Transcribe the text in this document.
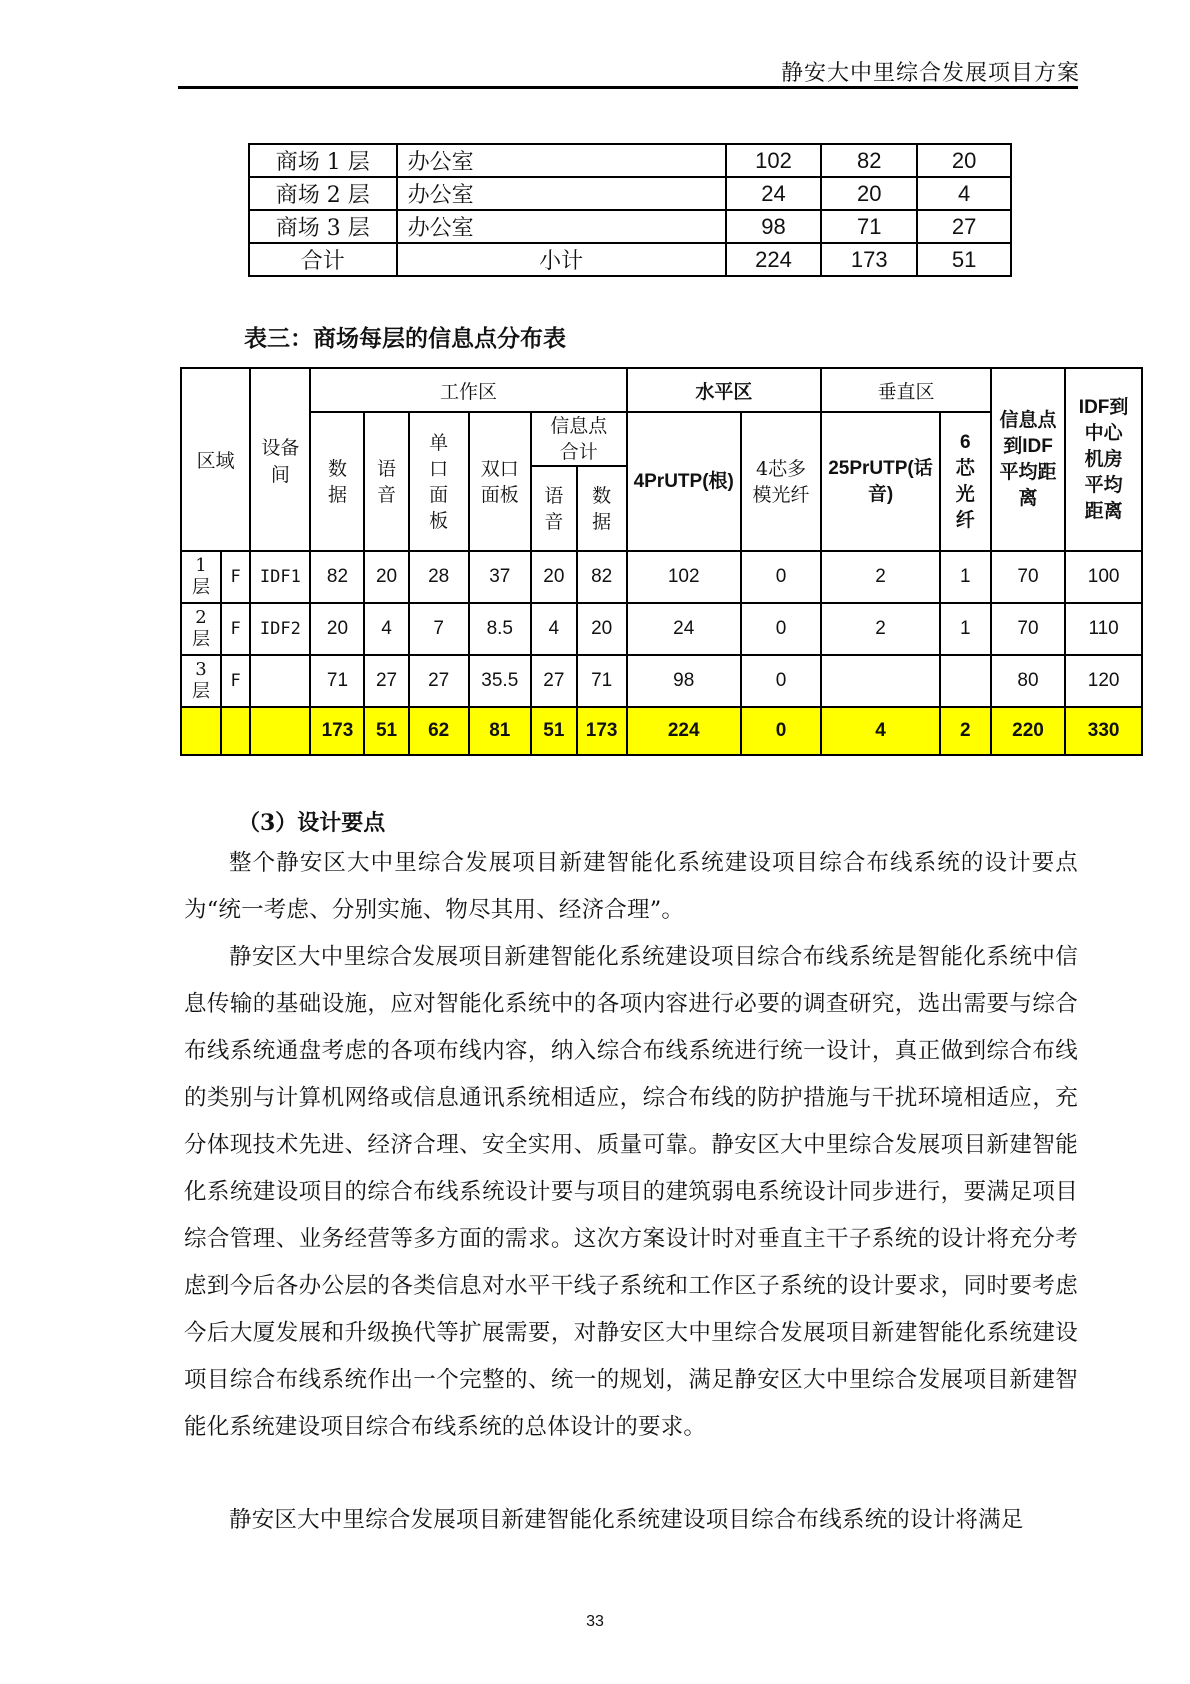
静安大中里综合发展项目方案
商场 1 层	办公室	102	82	20
商场 2 层	办公室	24	20	4
商场 3 层	办公室	98	71	27
合计	小计	224	173	51
表三：商场每层的信息点分布表
区域		设备间	工作区						水平区		垂直区		信息点到IDF平均距离	IDF到中心机房平均距离
			数据	语音	单口面板	双口面板	信息点合计		4PrUTP(根)	4芯多模光纤	25PrUTP(话音)	6芯光纤		
							语音	数据						
1层	F	IDF1	82	20	28	37	20	82	102	0	2	1	70	100
2层	F	IDF2	20	4	7	8.5	4	20	24	0	2	1	70	110
3层	F		71	27	27	35.5	27	71	98	0			80	120
			173	51	62	81	51	173	224	0	4	2	220	330
（3）设计要点
整个静安区大中里综合发展项目新建智能化系统建设项目综合布线系统的设计要点为“统一考虑、分别实施、物尽其用、经济合理”。
静安区大中里综合发展项目新建智能化系统建设项目综合布线系统是智能化系统中信息传输的基础设施，应对智能化系统中的各项内容进行必要的调查研究，选出需要与综合布线系统通盘考虑的各项布线内容，纳入综合布线系统进行统一设计，真正做到综合布线的类别与计算机网络或信息通讯系统相适应，综合布线的防护措施与干扰环境相适应，充分体现技术先进、经济合理、安全实用、质量可靠。静安区大中里综合发展项目新建智能化系统建设项目的综合布线系统设计要与项目的建筑弱电系统设计同步进行，要满足项目综合管理、业务经营等多方面的需求。这次方案设计时对垂直主干子系统的设计将充分考虑到今后各办公层的各类信息对水平干线子系统和工作区子系统的设计要求，同时要考虑今后大厦发展和升级换代等扩展需要，对静安区大中里综合发展项目新建智能化系统建设项目综合布线系统作出一个完整的、统一的规划，满足静安区大中里综合发展项目新建智能化系统建设项目综合布线系统的总体设计的要求。
静安区大中里综合发展项目新建智能化系统建设项目综合布线系统的设计将满足
33
